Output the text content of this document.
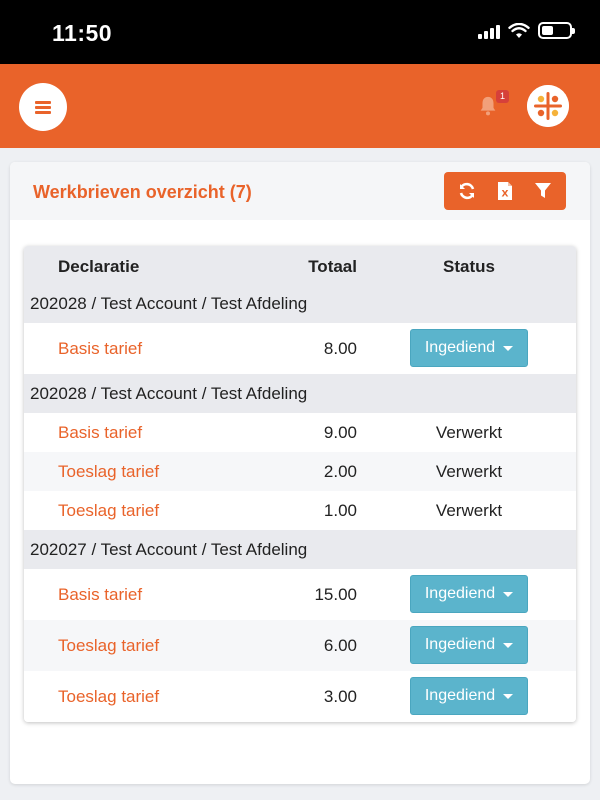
11:50
1
Werkbrieven overzicht (7)	X
Declaratie	Totaal	Status
202028 / Test Account / Test Afdeling
Basis tarief	8.00	Ingediend
202028 / Test Account / Test Afdeling
Basis tarief	9.00	Verwerkt
Toeslag tarief	2.00	Verwerkt
Toeslag tarief	1.00	Verwerkt
202027 / Test Account / Test Afdeling
Basis tarief	15.00	Ingediend
Toeslag tarief	6.00	Ingediend
Toeslag tarief	3.00	Ingediend
